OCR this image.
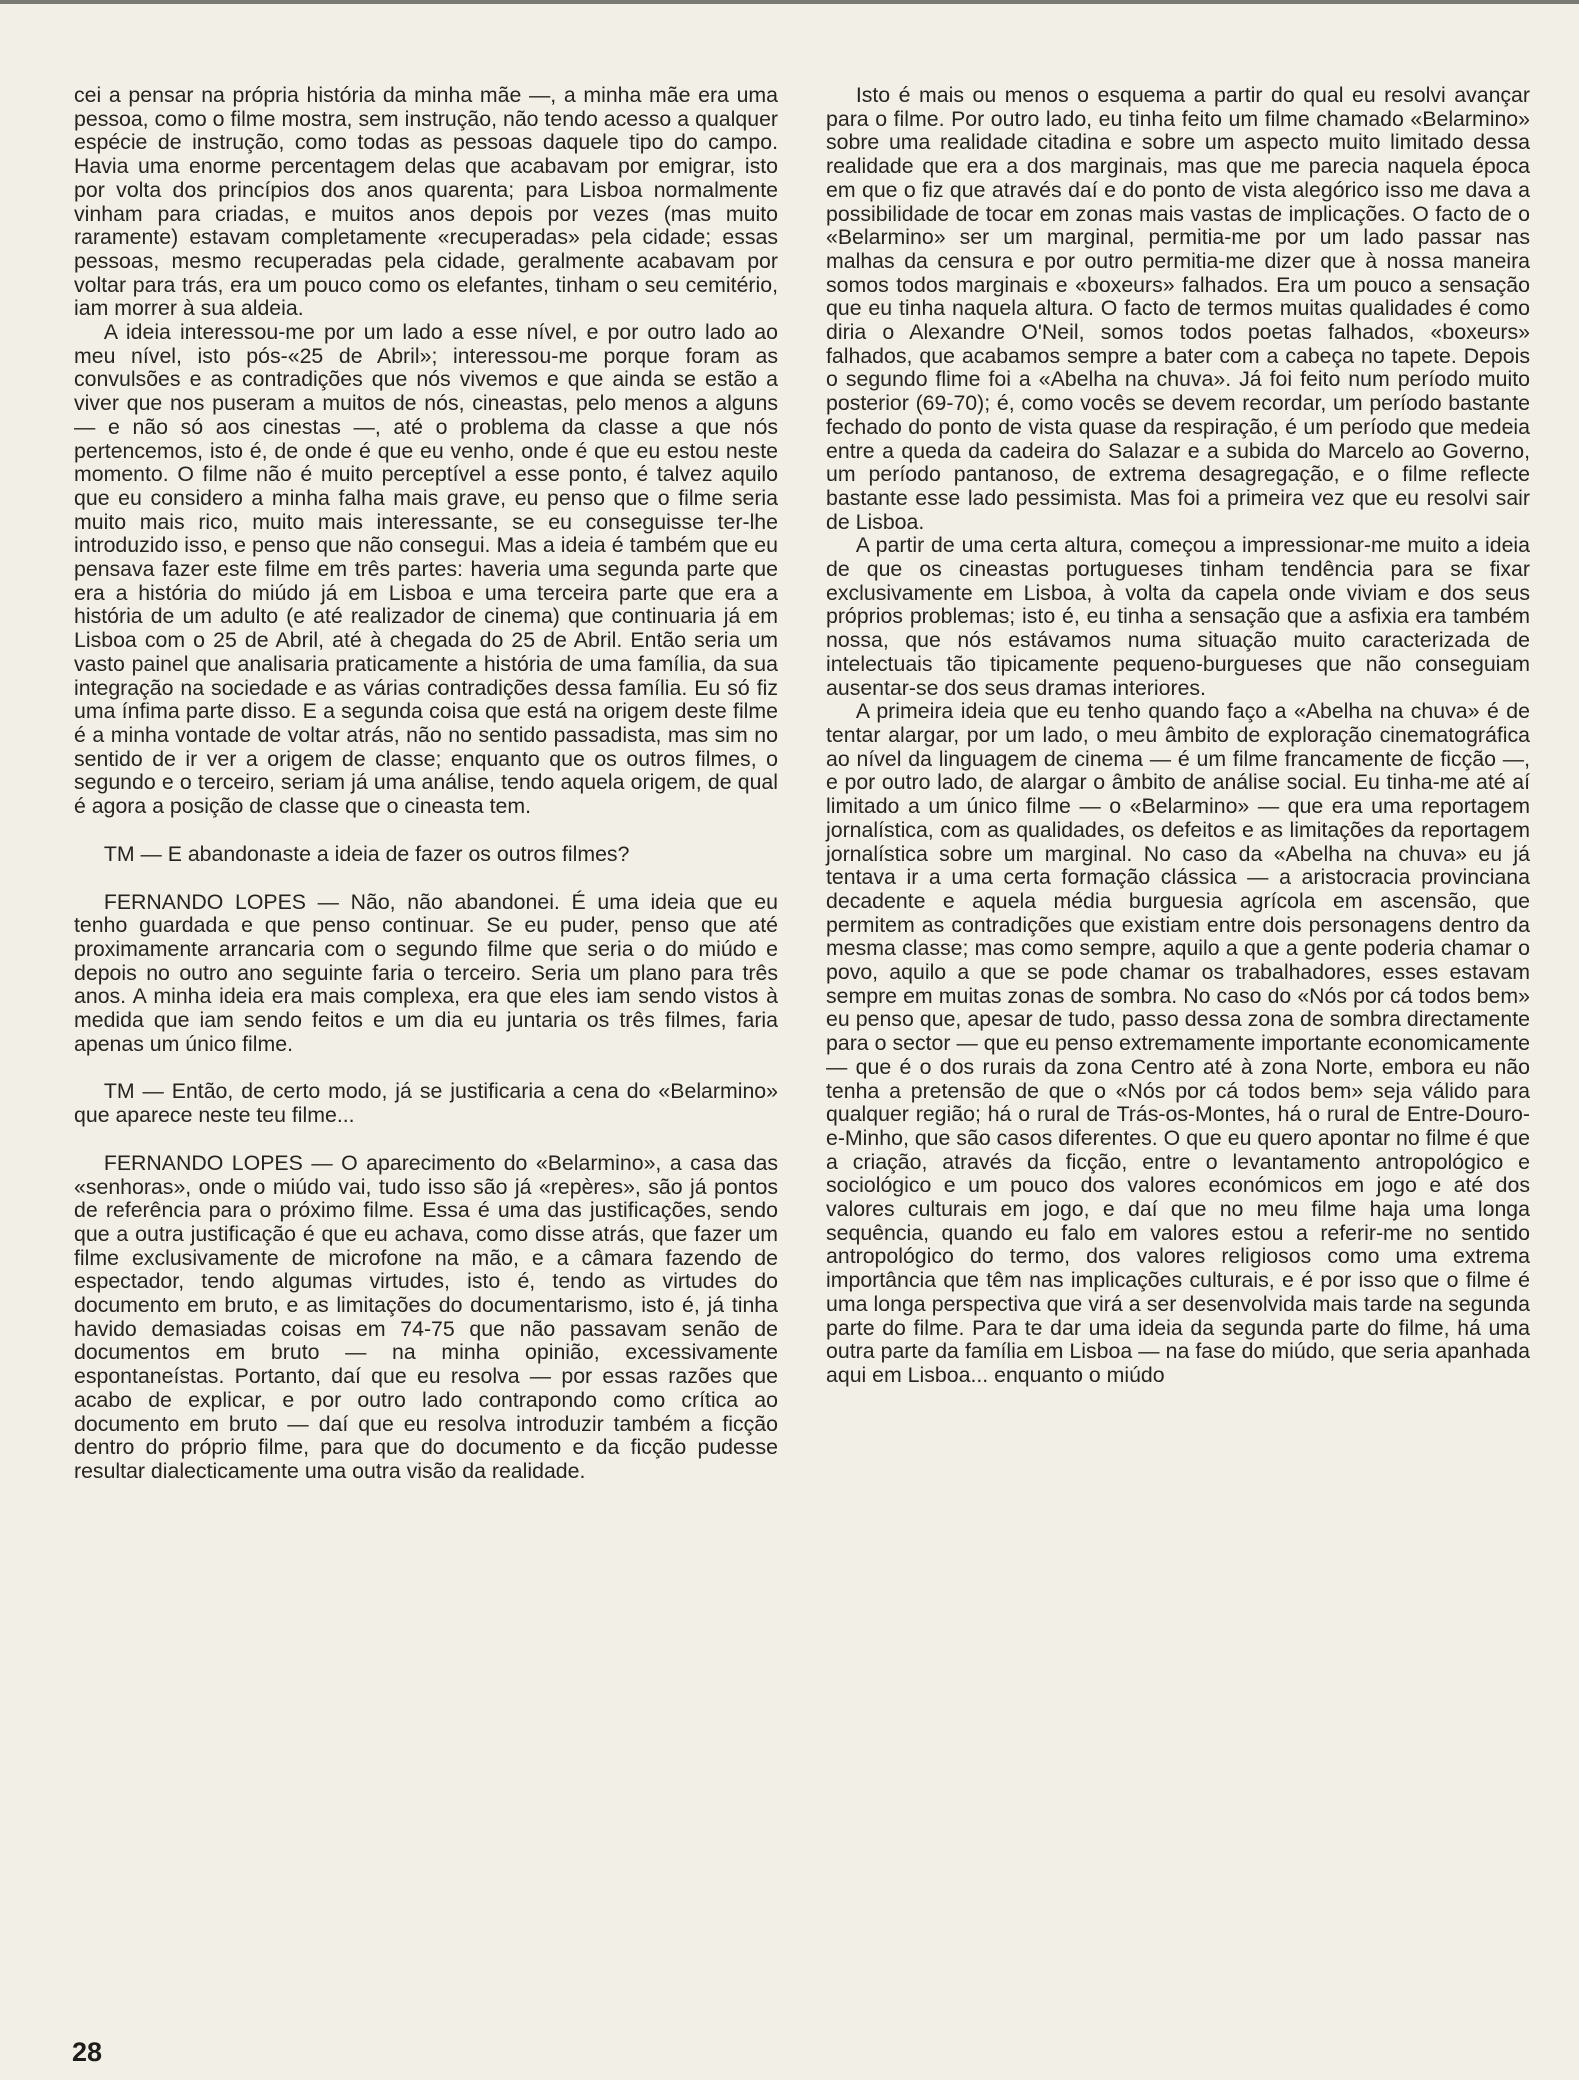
cei a pensar na própria história da minha mãe —, a minha mãe era uma pessoa, como o filme mostra, sem instrução, não tendo acesso a qualquer espécie de instrução, como todas as pessoas daquele tipo do campo. Havia uma enorme percentagem delas que acabavam por emigrar, isto por volta dos princípios dos anos quarenta; para Lisboa normalmente vinham para criadas, e muitos anos depois por vezes (mas muito raramente) estavam completamente «recuperadas» pela cidade; essas pessoas, mesmo recuperadas pela cidade, geralmente acabavam por voltar para trás, era um pouco como os elefantes, tinham o seu cemitério, iam morrer à sua aldeia.

A ideia interessou-me por um lado a esse nível, e por outro lado ao meu nível, isto pós-«25 de Abril»; interessou-me porque foram as convulsões e as contradições que nós vivemos e que ainda se estão a viver que nos puseram a muitos de nós, cineastas, pelo menos a alguns — e não só aos cinestas —, até o problema da classe a que nós pertencemos, isto é, de onde é que eu venho, onde é que eu estou neste momento. O filme não é muito perceptível a esse ponto, é talvez aquilo que eu considero a minha falha mais grave, eu penso que o filme seria muito mais rico, muito mais interessante, se eu conseguisse ter-lhe introduzido isso, e penso que não consegui. Mas a ideia é também que eu pensava fazer este filme em três partes: haveria uma segunda parte que era a história do miúdo já em Lisboa e uma terceira parte que era a história de um adulto (e até realizador de cinema) que continuaria já em Lisboa com o 25 de Abril, até à chegada do 25 de Abril. Então seria um vasto painel que analisaria praticamente a história de uma família, da sua integração na sociedade e as várias contradições dessa família. Eu só fiz uma ínfima parte disso. E a segunda coisa que está na origem deste filme é a minha vontade de voltar atrás, não no sentido passadista, mas sim no sentido de ir ver a origem de classe; enquanto que os outros filmes, o segundo e o terceiro, seriam já uma análise, tendo aquela origem, de qual é agora a posição de classe que o cineasta tem.

TM — E abandonaste a ideia de fazer os outros filmes?

FERNANDO LOPES — Não, não abandonei. É uma ideia que eu tenho guardada e que penso continuar. Se eu puder, penso que até proximamente arrancaria com o segundo filme que seria o do miúdo e depois no outro ano seguinte faria o terceiro. Seria um plano para três anos. A minha ideia era mais complexa, era que eles iam sendo vistos à medida que iam sendo feitos e um dia eu juntaria os três filmes, faria apenas um único filme.

TM — Então, de certo modo, já se justificaria a cena do «Belarmino» que aparece neste teu filme...

FERNANDO LOPES — O aparecimento do «Belarmino», a casa das «senhoras», onde o miúdo vai, tudo isso são já «repères», são já pontos de referência para o próximo filme. Essa é uma das justificações, sendo que a outra justificação é que eu achava, como disse atrás, que fazer um filme exclusivamente de microfone na mão, e a câmara fazendo de espectador, tendo algumas virtudes, isto é, tendo as virtudes do documento em bruto, e as limitações do documentarismo, isto é, já tinha havido demasiadas coisas em 74-75 que não passavam senão de documentos em bruto — na minha opinião, excessivamente espontaneístas. Portanto, daí que eu resolva — por essas razões que acabo de explicar, e por outro lado contrapondo como crítica ao documento em bruto — daí que eu resolva introduzir também a ficção dentro do próprio filme, para que do documento e da ficção pudesse resultar dialecticamente uma outra visão da realidade.

Isto é mais ou menos o esquema a partir do qual eu resolvi avançar para o filme. Por outro lado, eu tinha feito um filme chamado «Belarmino» sobre uma realidade citadina e sobre um aspecto muito limitado dessa realidade que era a dos marginais, mas que me parecia naquela época em que o fiz que através daí e do ponto de vista alegórico isso me dava a possibilidade de tocar em zonas mais vastas de implicações. O facto de o «Belarmino» ser um marginal, permitia-me por um lado passar nas malhas da censura e por outro permitia-me dizer que à nossa maneira somos todos marginais e «boxeurs» falhados. Era um pouco a sensação que eu tinha naquela altura. O facto de termos muitas qualidades é como diria o Alexandre O'Neil, somos todos poetas falhados, «boxeurs» falhados, que acabamos sempre a bater com a cabeça no tapete. Depois o segundo flime foi a «Abelha na chuva». Já foi feito num período muito posterior (69-70); é, como vocês se devem recordar, um período bastante fechado do ponto de vista quase da respiração, é um período que medeia entre a queda da cadeira do Salazar e a subida do Marcelo ao Governo, um período pantanoso, de extrema desagregação, e o filme reflecte bastante esse lado pessimista. Mas foi a primeira vez que eu resolvi sair de Lisboa.

A partir de uma certa altura, começou a impressionar-me muito a ideia de que os cineastas portugueses tinham tendência para se fixar exclusivamente em Lisboa, à volta da capela onde viviam e dos seus próprios problemas; isto é, eu tinha a sensação que a asfixia era também nossa, que nós estávamos numa situação muito caracterizada de intelectuais tão tipicamente pequeno-burgueses que não conseguiam ausentar-se dos seus dramas interiores.

A primeira ideia que eu tenho quando faço a «Abelha na chuva» é de tentar alargar, por um lado, o meu âmbito de exploração cinematográfica ao nível da linguagem de cinema — é um filme francamente de ficção —, e por outro lado, de alargar o âmbito de análise social. Eu tinha-me até aí limitado a um único filme — o «Belarmino» — que era uma reportagem jornalística, com as qualidades, os defeitos e as limitações da reportagem jornalística sobre um marginal. No caso da «Abelha na chuva» eu já tentava ir a uma certa formação clássica — a aristocracia provinciana decadente e aquela média burguesia agrícola em ascensão, que permitem as contradições que existiam entre dois personagens dentro da mesma classe; mas como sempre, aquilo a que a gente poderia chamar o povo, aquilo a que se pode chamar os trabalhadores, esses estavam sempre em muitas zonas de sombra. No caso do «Nós por cá todos bem» eu penso que, apesar de tudo, passo dessa zona de sombra directamente para o sector — que eu penso extremamente importante economicamente — que é o dos rurais da zona Centro até à zona Norte, embora eu não tenha a pretensão de que o «Nós por cá todos bem» seja válido para qualquer região; há o rural de Trás-os-Montes, há o rural de Entre-Douro-e-Minho, que são casos diferentes. O que eu quero apontar no filme é que a criação, através da ficção, entre o levantamento antropológico e sociológico e um pouco dos valores económicos em jogo e até dos valores culturais em jogo, e daí que no meu filme haja uma longa sequência, quando eu falo em valores estou a referir-me no sentido antropológico do termo, dos valores religiosos como uma extrema importância que têm nas implicações culturais, e é por isso que o filme é uma longa perspectiva que virá a ser desenvolvida mais tarde na segunda parte do filme. Para te dar uma ideia da segunda parte do filme, há uma outra parte da família em Lisboa — na fase do miúdo, que seria apanhada aqui em Lisboa... enquanto o miúdo

28
